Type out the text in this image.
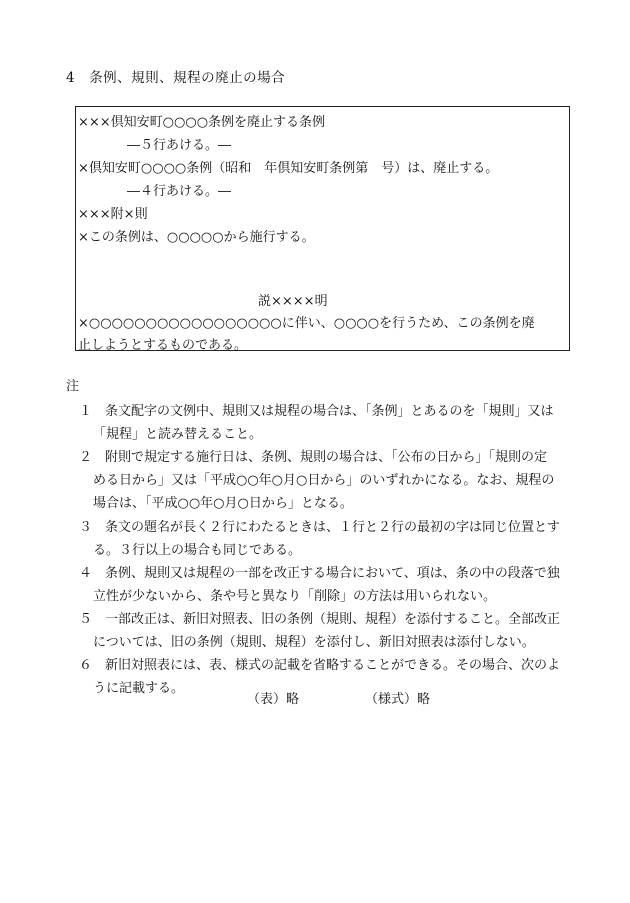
4　条例、規則、規程の廃止の場合
×××倶知安町○○○○条例を廃止する条例
―５行あける。―
×倶知安町○○○○条例（昭和　年倶知安町条例第　号）は、廃止する。
―４行あける。―
×××附×則
×この条例は、○○○○○から施行する。
説××××明
×○○○○○○○○○○○○○○○○○に伴い、○○○○を行うため、この条例を廃
止しようとするものである。
注
１　条文配字の文例中、規則又は規程の場合は、「条例」とあるのを「規則」又は
「規程」と読み替えること。
２　附則で規定する施行日は、条例、規則の場合は、「公布の日から」「規則の定
める日から」又は「平成○○年○月○日から」のいずれかになる。なお、規程の
場合は、「平成○○年○月○日から」となる。
３　条文の題名が長く２行にわたるときは、１行と２行の最初の字は同じ位置とす
る。３行以上の場合も同じである。
４　条例、規則又は規程の一部を改正する場合において、項は、条の中の段落で独
立性が少ないから、条や号と異なり「削除」の方法は用いられない。
５　一部改正は、新旧対照表、旧の条例（規則、規程）を添付すること。全部改正
については、旧の条例（規則、規程）を添付し、新旧対照表は添付しない。
６　新旧対照表には、表、様式の記載を省略することができる。その場合、次のよ
うに記載する。
（表）略	（様式）略
